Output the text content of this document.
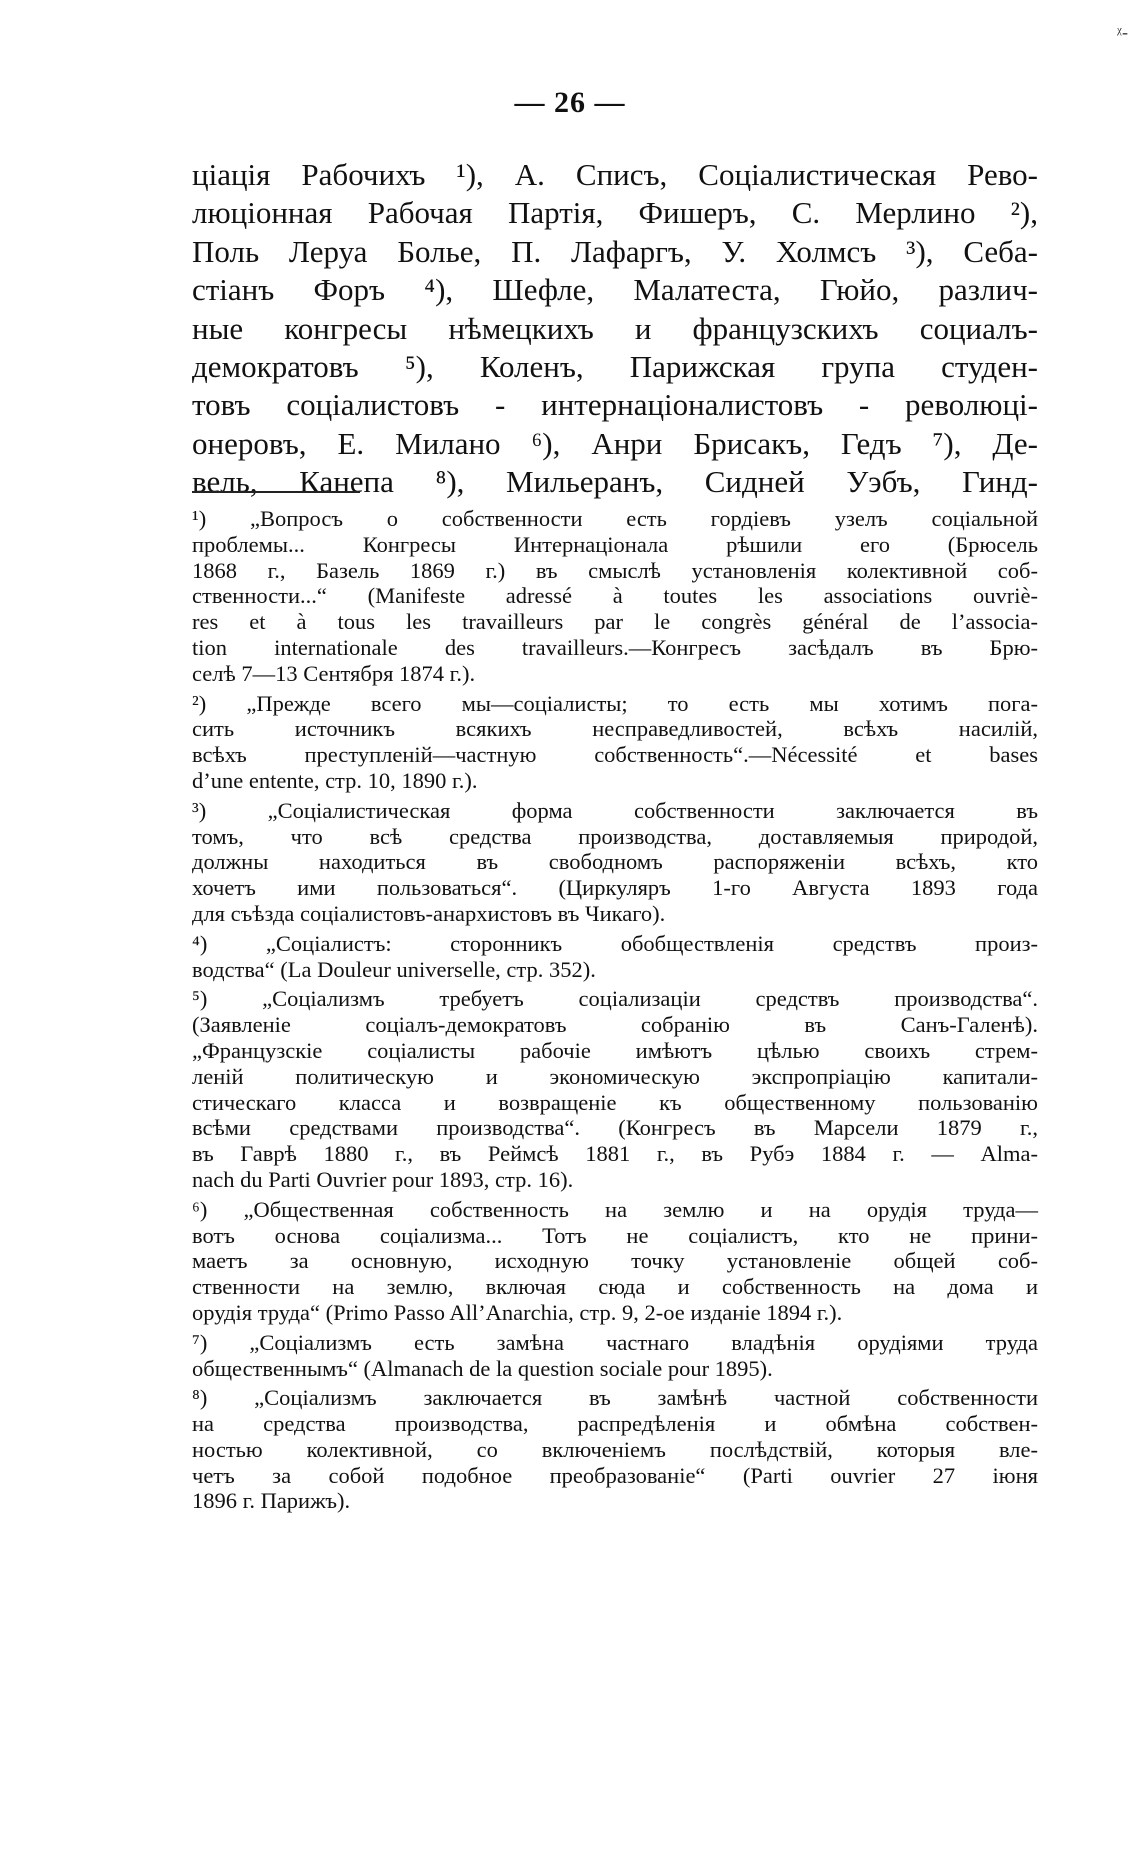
ᵡ-
— 26 —
ціація Рабочихъ ¹), А. Списъ, Соціалистическая Рево-
люціонная Рабочая Партія, Фишеръ, С. Мерлино ²),
Поль Леруа Болье, П. Лафаргъ, У. Холмсъ ³), Себа-
стіанъ Форъ ⁴), Шефле, Малатеста, Гюйо, различ-
ные конгресы нѣмецкихъ и французскихъ социалъ-
демократовъ ⁵), Коленъ, Парижская група студен-
товъ соціалистовъ - интернаціоналистовъ - революці-
онеровъ, Е. Милано ⁶), Анри Брисакъ, Гедъ ⁷), Де-
вель, Канепа ⁸), Мильеранъ, Сидней Уэбъ, Гинд-
¹) „Вопросъ о собственности есть гордіевъ узелъ соціальной
проблемы... Конгресы Интернаціонала рѣшили его (Брюсель
1868 г., Базель 1869 г.) въ смыслѣ установленія колективной соб-
ственности...“ (Manifeste adressé à toutes les associations ouvriè-
res et à tous les travailleurs par le congrès général de l’associa-
tion internationale des travailleurs.—Конгресъ засѣдалъ въ Брю-
селѣ 7—13 Сентября 1874 г.).
²) „Прежде всего мы—соціалисты; то есть мы хотимъ пога-
сить источникъ всякихъ несправедливостей, всѣхъ насилій,
всѣхъ преступленій—частную собственность“.—Nécessité et bases
d’une entente, стр. 10, 1890 г.).
³) „Соціалистическая форма собственности заключается въ
томъ, что всѣ средства производства, доставляемыя природой,
должны находиться въ свободномъ распоряженіи всѣхъ, кто
хочетъ ими пользоваться“. (Циркуляръ 1-го Августа 1893 года
для съѣзда соціалистовъ-анархистовъ въ Чикаго).
⁴) „Соціалистъ: сторонникъ обобществленія средствъ произ-
водства“ (La Douleur universelle, стр. 352).
⁵) „Соціализмъ требуетъ соціализаціи средствъ производства“.
(Заявленіе соціалъ-демократовъ собранію въ Санъ-Галенѣ).
„Французскіе соціалисты рабочіе имѣютъ цѣлью своихъ стрем-
леній политическую и экономическую экспропріацію капитали-
стическаго класса и возвращеніе къ общественному пользованію
всѣми средствами производства“. (Конгресъ въ Марсели 1879 г.,
въ Гаврѣ 1880 г., въ Реймсѣ 1881 г., въ Рубэ 1884 г. — Alma-
nach du Parti Ouvrier pour 1893, стр. 16).
⁶) „Общественная собственность на землю и на орудія труда—
вотъ основа соціализма... Тотъ не соціалистъ, кто не прини-
маетъ за основную, исходную точку установленіе общей соб-
ственности на землю, включая сюда и собственность на дома и
орудія труда“ (Primo Passo All’Anarchia, стр. 9, 2-ое изданіе 1894 г.).
⁷) „Соціализмъ есть замѣна частнаго владѣнія орудіями труда
общественнымъ“ (Almanach de la question sociale pour 1895).
⁸) „Соціализмъ заключается въ замѣнѣ частной собственности
на средства производства, распредѣленія и обмѣна собствен-
ностью колективной, со включеніемъ послѣдствій, которыя вле-
четъ за собой подобное преобразованіе“ (Parti ouvrier 27 іюня
1896 г. Парижъ).
